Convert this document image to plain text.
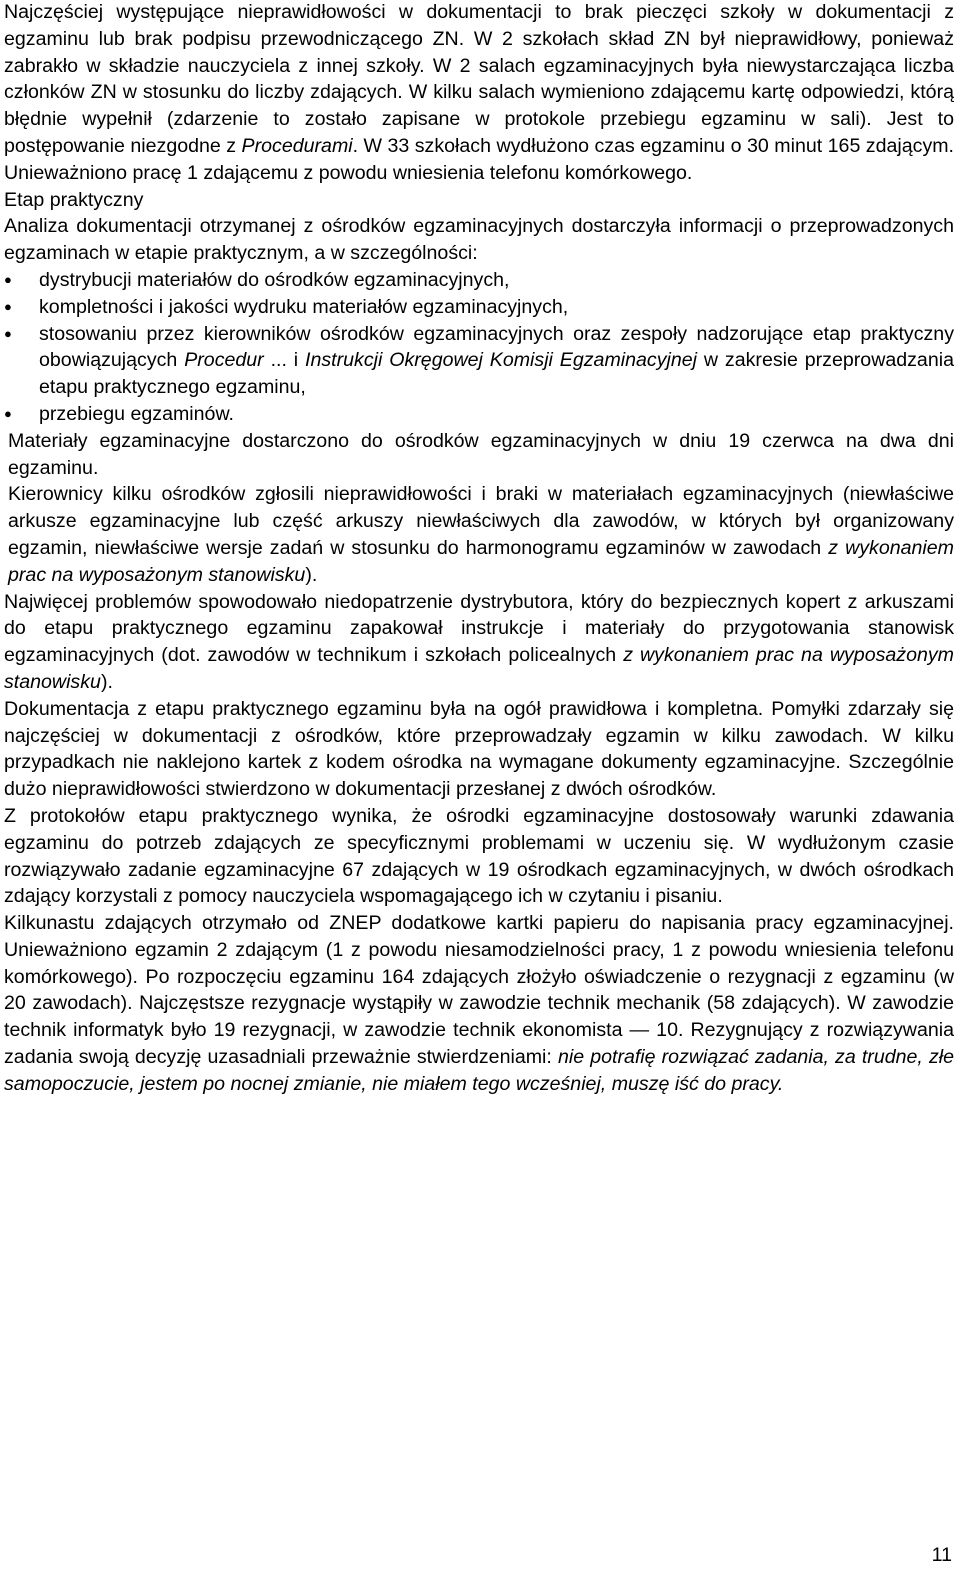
Najczęściej występujące nieprawidłowości w dokumentacji to brak pieczęci szkoły w dokumentacji z egzaminu lub brak podpisu przewodniczącego ZN. W 2 szkołach skład ZN był nieprawidłowy, ponieważ zabrakło w składzie nauczyciela z innej szkoły. W 2 salach egzaminacyjnych była niewystarczająca liczba członków ZN w stosunku do liczby zdających. W kilku salach wymieniono zdającemu kartę odpowiedzi, którą błędnie wypełnił (zdarzenie to zostało zapisane w protokole przebiegu egzaminu w sali). Jest to postępowanie niezgodne z Procedurami. W 33 szkołach wydłużono czas egzaminu o 30 minut 165 zdającym. Unieważniono pracę 1 zdającemu z powodu wniesienia telefonu komórkowego.

Etap praktyczny

Analiza dokumentacji otrzymanej z ośrodków egzaminacyjnych dostarczyła informacji o przeprowadzonych egzaminach w etapie praktycznym, a w szczególności:

●	dystrybucji materiałów do ośrodków egzaminacyjnych,
●	kompletności i jakości wydruku materiałów egzaminacyjnych,
●	stosowaniu przez kierowników ośrodków egzaminacyjnych oraz zespoły nadzorujące etap praktyczny obowiązujących Procedur ... i Instrukcji Okręgowej Komisji Egzaminacyjnej w zakresie przeprowadzania etapu praktycznego egzaminu,
●	przebiegu egzaminów.

Materiały egzaminacyjne dostarczono do ośrodków egzaminacyjnych w dniu 19 czerwca na dwa dni egzaminu.

Kierownicy kilku ośrodków zgłosili nieprawidłowości i braki w materiałach egzaminacyjnych (niewłaściwe arkusze egzaminacyjne lub część arkuszy niewłaściwych dla zawodów, w których był organizowany egzamin, niewłaściwe wersje zadań w stosunku do harmonogramu egzaminów w zawodach z wykonaniem prac na wyposażonym stanowisku).

Najwięcej problemów spowodowało niedopatrzenie dystrybutora, który do bezpiecznych kopert z arkuszami do etapu praktycznego egzaminu zapakował instrukcje i materiały do przygotowania stanowisk egzaminacyjnych (dot. zawodów w technikum i szkołach policealnych z wykonaniem prac na wyposażonym stanowisku).

Dokumentacja z etapu praktycznego egzaminu była na ogół prawidłowa i kompletna. Pomyłki zdarzały się najczęściej w dokumentacji z ośrodków, które przeprowadzały egzamin w kilku zawodach. W kilku przypadkach nie naklejono kartek z kodem ośrodka na wymagane dokumenty egzaminacyjne. Szczególnie dużo nieprawidłowości stwierdzono w dokumentacji przesłanej z dwóch ośrodków.

Z protokołów etapu praktycznego wynika, że ośrodki egzaminacyjne dostosowały warunki zdawania egzaminu do potrzeb zdających ze specyficznymi problemami w uczeniu się. W wydłużonym czasie rozwiązywało zadanie egzaminacyjne 67 zdających w 19 ośrodkach egzaminacyjnych, w dwóch ośrodkach zdający korzystali z pomocy nauczyciela wspomagającego ich w czytaniu i pisaniu.

Kilkunastu zdających otrzymało od ZNEP dodatkowe kartki papieru do napisania pracy egzaminacyjnej. Unieważniono egzamin 2 zdającym (1 z powodu niesamodzielności pracy, 1 z powodu wniesienia telefonu komórkowego). Po rozpoczęciu egzaminu 164 zdających złożyło oświadczenie o rezygnacji z egzaminu (w 20 zawodach). Najczęstsze rezygnacje wystąpiły w zawodzie technik mechanik (58 zdających). W zawodzie technik informatyk było 19 rezygnacji, w zawodzie technik ekonomista — 10. Rezygnujący z rozwiązywania zadania swoją decyzję uzasadniali przeważnie stwierdzeniami: nie potrafię rozwiązać zadania, za trudne, złe samopoczucie, jestem po nocnej zmianie, nie miałem tego wcześniej, muszę iść do pracy.

11
